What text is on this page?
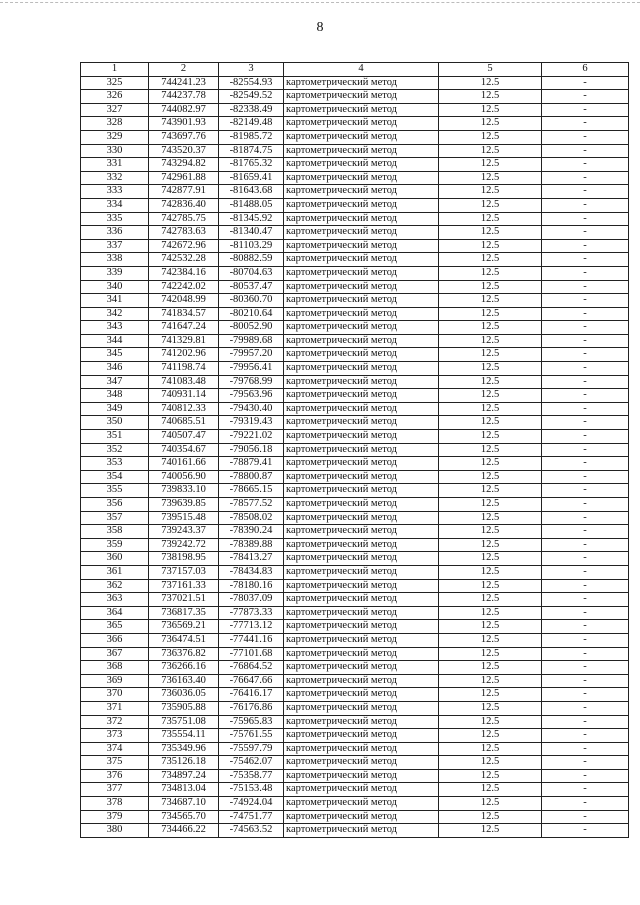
8
1	2	3	4	5	6
325	744241.23	-82554.93	картометрический метод	12.5	-
326	744237.78	-82549.52	картометрический метод	12.5	-
327	744082.97	-82338.49	картометрический метод	12.5	-
328	743901.93	-82149.48	картометрический метод	12.5	-
329	743697.76	-81985.72	картометрический метод	12.5	-
330	743520.37	-81874.75	картометрический метод	12.5	-
331	743294.82	-81765.32	картометрический метод	12.5	-
332	742961.88	-81659.41	картометрический метод	12.5	-
333	742877.91	-81643.68	картометрический метод	12.5	-
334	742836.40	-81488.05	картометрический метод	12.5	-
335	742785.75	-81345.92	картометрический метод	12.5	-
336	742783.63	-81340.47	картометрический метод	12.5	-
337	742672.96	-81103.29	картометрический метод	12.5	-
338	742532.28	-80882.59	картометрический метод	12.5	-
339	742384.16	-80704.63	картометрический метод	12.5	-
340	742242.02	-80537.47	картометрический метод	12.5	-
341	742048.99	-80360.70	картометрический метод	12.5	-
342	741834.57	-80210.64	картометрический метод	12.5	-
343	741647.24	-80052.90	картометрический метод	12.5	-
344	741329.81	-79989.68	картометрический метод	12.5	-
345	741202.96	-79957.20	картометрический метод	12.5	-
346	741198.74	-79956.41	картометрический метод	12.5	-
347	741083.48	-79768.99	картометрический метод	12.5	-
348	740931.14	-79563.96	картометрический метод	12.5	-
349	740812.33	-79430.40	картометрический метод	12.5	-
350	740685.51	-79319.43	картометрический метод	12.5	-
351	740507.47	-79221.02	картометрический метод	12.5	-
352	740354.67	-79056.18	картометрический метод	12.5	-
353	740161.66	-78879.41	картометрический метод	12.5	-
354	740056.90	-78800.87	картометрический метод	12.5	-
355	739833.10	-78665.15	картометрический метод	12.5	-
356	739639.85	-78577.52	картометрический метод	12.5	-
357	739515.48	-78508.02	картометрический метод	12.5	-
358	739243.37	-78390.24	картометрический метод	12.5	-
359	739242.72	-78389.88	картометрический метод	12.5	-
360	738198.95	-78413.27	картометрический метод	12.5	-
361	737157.03	-78434.83	картометрический метод	12.5	-
362	737161.33	-78180.16	картометрический метод	12.5	-
363	737021.51	-78037.09	картометрический метод	12.5	-
364	736817.35	-77873.33	картометрический метод	12.5	-
365	736569.21	-77713.12	картометрический метод	12.5	-
366	736474.51	-77441.16	картометрический метод	12.5	-
367	736376.82	-77101.68	картометрический метод	12.5	-
368	736266.16	-76864.52	картометрический метод	12.5	-
369	736163.40	-76647.66	картометрический метод	12.5	-
370	736036.05	-76416.17	картометрический метод	12.5	-
371	735905.88	-76176.86	картометрический метод	12.5	-
372	735751.08	-75965.83	картометрический метод	12.5	-
373	735554.11	-75761.55	картометрический метод	12.5	-
374	735349.96	-75597.79	картометрический метод	12.5	-
375	735126.18	-75462.07	картометрический метод	12.5	-
376	734897.24	-75358.77	картометрический метод	12.5	-
377	734813.04	-75153.48	картометрический метод	12.5	-
378	734687.10	-74924.04	картометрический метод	12.5	-
379	734565.70	-74751.77	картометрический метод	12.5	-
380	734466.22	-74563.52	картометрический метод	12.5	-
